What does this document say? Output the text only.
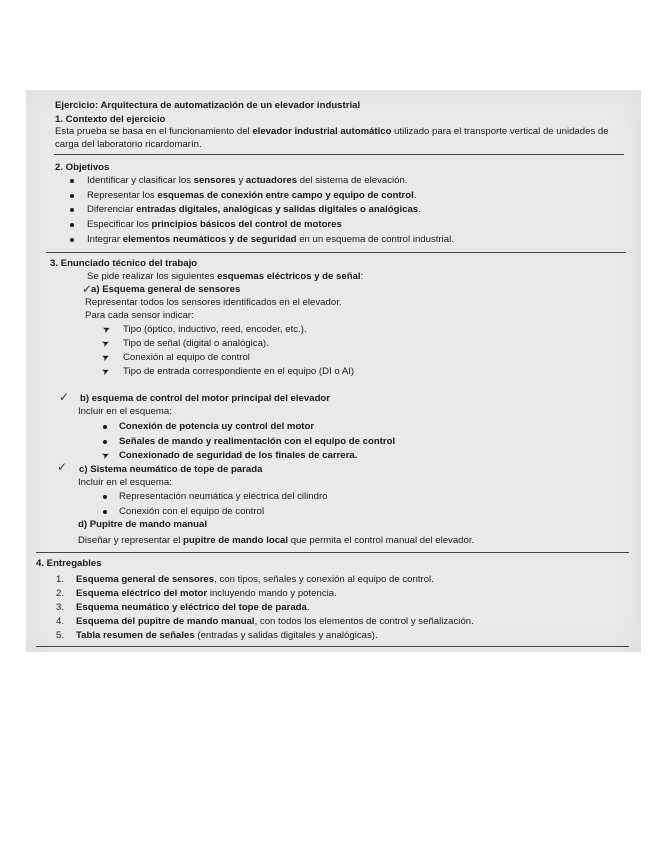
Ejercicio: Arquitectura de automatización de un elevador industrial
1. Contexto del ejercicio
Esta prueba se basa en el funcionamiento del elevador industrial automático utilizado para el transporte vertical de unidades de
carga del laboratorio ricardomarín.
2. Objetivos
Identificar y clasificar los sensores y actuadores del sistema de elevación.
Representar los esquemas de conexión entre campo y equipo de control.
Diferenciar entradas digitales, analógicas y salidas digitales o analógicas.
Especificar los principios básicos del control de motores
Integrar elementos neumáticos y de seguridad en un esquema de control industrial.
3. Enunciado técnico del trabajo
Se pide realizar los siguientes esquemas eléctricos y de señal:
✓
a) Esquema general de sensores
Representar todos los sensores identificados en el elevador.
Para cada sensor indicar:
➤ Tipo (óptico, inductivo, reed, encoder, etc.).
➤ Tipo de señal (digital o analógica).
➤ Conexión al equipo de control
➤ Tipo de entrada correspondiente en el equipo (DI o AI)
✓ b) esquema de control del motor principal del elevador
Incluir en el esquema:
Conexión de potencia uy control del motor
Señales de mando y realimentación con el equipo de control
➤ Conexionado de seguridad de los finales de carrera.
✓ c) Sistema neumático de tope de parada
Incluir en el esquema:
Representación neumática y eléctrica del cilindro
Conexión con el equipo de control
d) Pupitre de mando manual
Diseñar y representar el pupitre de mando local que permita el control manual del elevador.
4. Entregables
1. Esquema general de sensores, con tipos, señales y conexión al equipo de control.
2. Esquema eléctrico del motor incluyendo mando y potencia.
3. Esquema neumático y eléctrico del tope de parada.
4. Esquema del pupitre de mando manual, con todos los elementos de control y señalización.
5. Tabla resumen de señales (entradas y salidas digitales y analógicas).
